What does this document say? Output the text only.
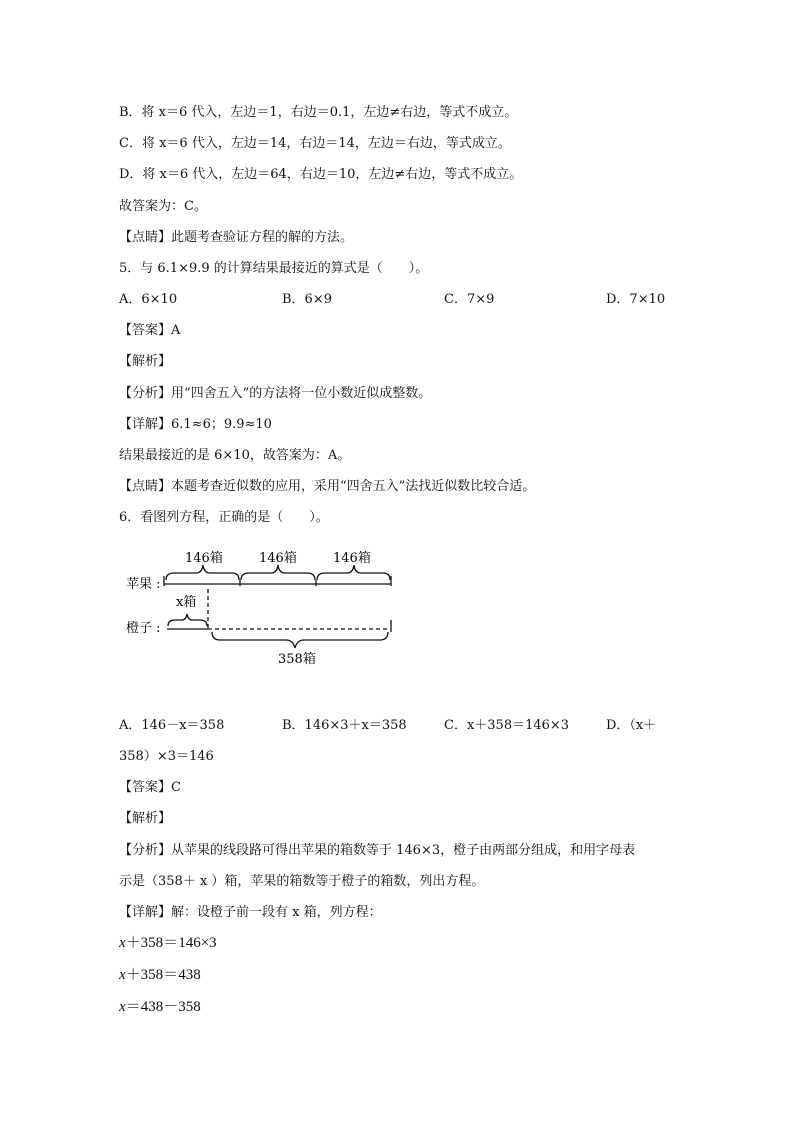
B．将 x＝6 代入，左边＝1，右边＝0.1，左边≠右边，等式不成立。
C．将 x＝6 代入，左边＝14，右边＝14，左边＝右边，等式成立。
D．将 x＝6 代入，左边＝64，右边＝10，左边≠右边，等式不成立。
故答案为：C。
【点睛】此题考查验证方程的解的方法。
5．与 6.1×9.9 的计算结果最接近的算式是（　　）。
A．6×10	B．6×9	C．7×9	D．7×10
【答案】A
【解析】
【分析】用“四舍五入”的方法将一位小数近似成整数。
【详解】6.1≈6；9.9≈10
结果最接近的是 6×10，故答案为：A。
【点睛】本题考查近似数的应用，采用“四舍五入”法找近似数比较合适。
6．看图列方程，正确的是（　　）。
146箱	146箱	146箱
苹果 :
x箱
橙子 :
358箱
A．146－x＝358	B．146×3＋x＝358	C．x＋358＝146×3	D．（x＋
358）×3＝146
【答案】C
【解析】
【分析】从苹果的线段路可得出苹果的箱数等于 146×3，橙子由两部分组成，和用字母表
示是（358＋ x ）箱，苹果的箱数等于橙子的箱数，列出方程。
【详解】解：设橙子前一段有 x 箱，列方程：
x＋358＝146×3
x＋358＝438
x＝438－358
